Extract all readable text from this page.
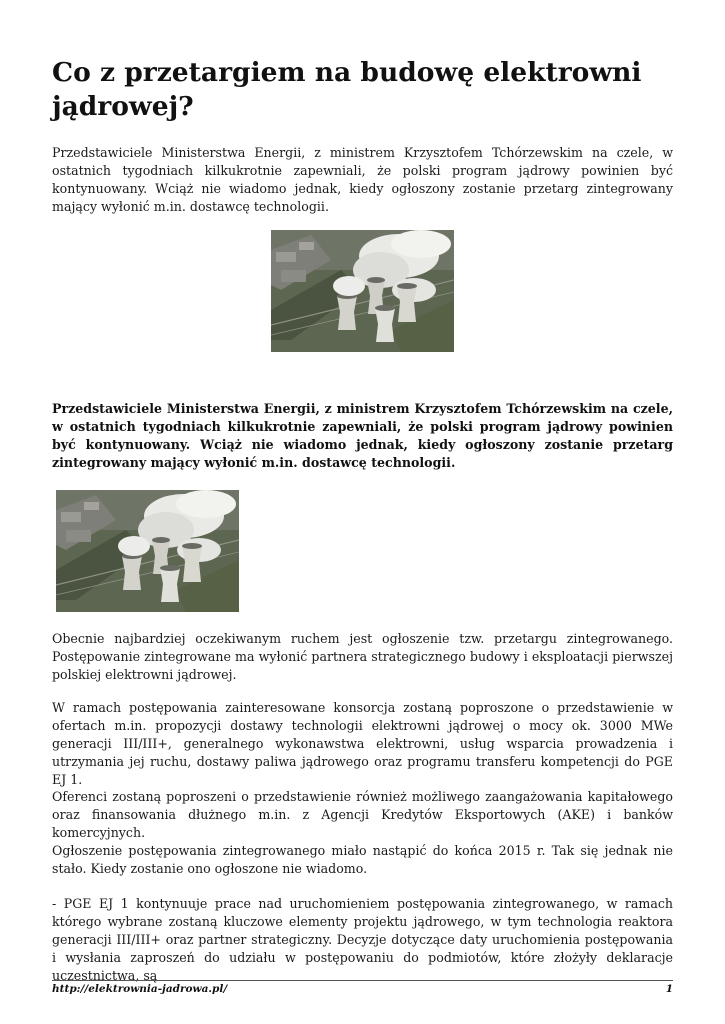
Co z przetargiem na budowę elektrowni jądrowej?

Przedstawiciele Ministerstwa Energii, z ministrem Krzysztofem Tchórzewskim na czele, w ostatnich tygodniach kilkukrotnie zapewniali, że polski program jądrowy powinien być kontynuowany. Wciąż nie wiadomo jednak, kiedy ogłoszony zostanie przetarg zintegrowany mający wyłonić m.in. dostawcę technologii.

Przedstawiciele Ministerstwa Energii, z ministrem Krzysztofem Tchórzewskim na czele, w ostatnich tygodniach kilkukrotnie zapewniali, że polski program jądrowy powinien być kontynuowany. Wciąż nie wiadomo jednak, kiedy ogłoszony zostanie przetarg zintegrowany mający wyłonić m.in. dostawcę technologii.

Obecnie najbardziej oczekiwanym ruchem jest ogłoszenie tzw. przetargu zintegrowanego. Postępowanie zintegrowane ma wyłonić partnera strategicznego budowy i eksploatacji pierwszej polskiej elektrowni jądrowej.

W ramach postępowania zainteresowane konsorcja zostaną poproszone o przedstawienie w ofertach m.in. propozycji dostawy technologii elektrowni jądrowej o mocy ok. 3000 MWe generacji III/III+, generalnego wykonawstwa elektrowni, usług wsparcia prowadzenia i utrzymania jej ruchu, dostawy paliwa jądrowego oraz programu transferu kompetencji do PGE EJ 1.

Oferenci zostaną poproszeni o przedstawienie również możliwego zaangażowania kapitałowego oraz finansowania dłużnego m.in. z Agencji Kredytów Eksportowych (AKE) i banków komercyjnych.

Ogłoszenie postępowania zintegrowanego miało nastąpić do końca 2015 r. Tak się jednak nie stało. Kiedy zostanie ono ogłoszone nie wiadomo.

- PGE EJ 1 kontynuuje prace nad uruchomieniem postępowania zintegrowanego, w ramach którego wybrane zostaną kluczowe elementy projektu jądrowego, w tym technologia reaktora generacji III/III+ oraz partner strategiczny. Decyzje dotyczące daty uruchomienia postępowania i wysłania zaproszeń do udziału w postępowaniu do podmiotów, które złożyły deklaracje uczestnictwa, są

http://elektrownia-jadrowa.pl/	1
